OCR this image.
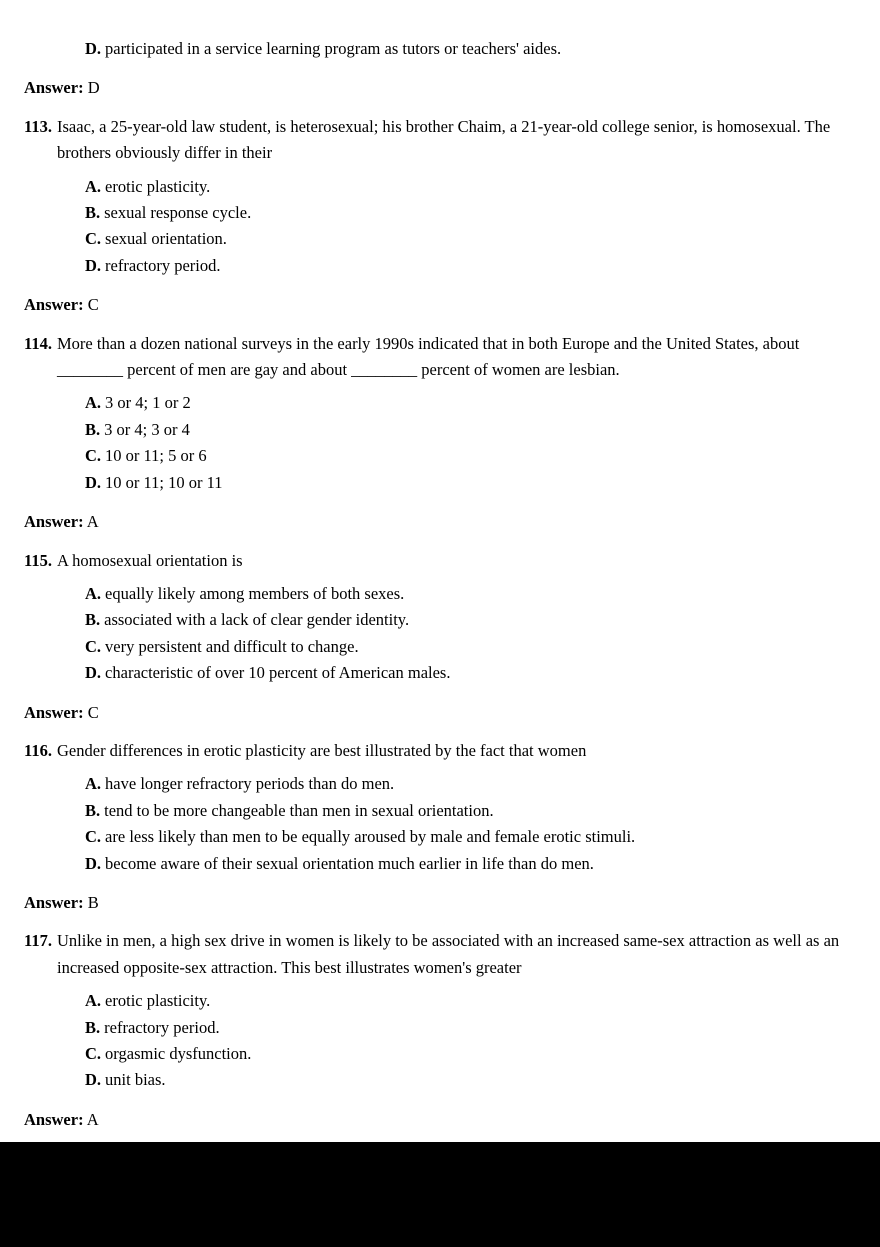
D. participated in a service learning program as tutors or teachers' aides.
Answer: D
113. Isaac, a 25-year-old law student, is heterosexual; his brother Chaim, a 21-year-old college senior, is homosexual. The brothers obviously differ in their
A. erotic plasticity.
B. sexual response cycle.
C. sexual orientation.
D. refractory period.
Answer: C
114. More than a dozen national surveys in the early 1990s indicated that in both Europe and the United States, about ________ percent of men are gay and about ________ percent of women are lesbian.
A. 3 or 4; 1 or 2
B. 3 or 4; 3 or 4
C. 10 or 11; 5 or 6
D. 10 or 11; 10 or 11
Answer: A
115. A homosexual orientation is
A. equally likely among members of both sexes.
B. associated with a lack of clear gender identity.
C. very persistent and difficult to change.
D. characteristic of over 10 percent of American males.
Answer: C
116. Gender differences in erotic plasticity are best illustrated by the fact that women
A. have longer refractory periods than do men.
B. tend to be more changeable than men in sexual orientation.
C. are less likely than men to be equally aroused by male and female erotic stimuli.
D. become aware of their sexual orientation much earlier in life than do men.
Answer: B
117. Unlike in men, a high sex drive in women is likely to be associated with an increased same-sex attraction as well as an increased opposite-sex attraction. This best illustrates women's greater
A. erotic plasticity.
B. refractory period.
C. orgasmic dysfunction.
D. unit bias.
Answer: A
